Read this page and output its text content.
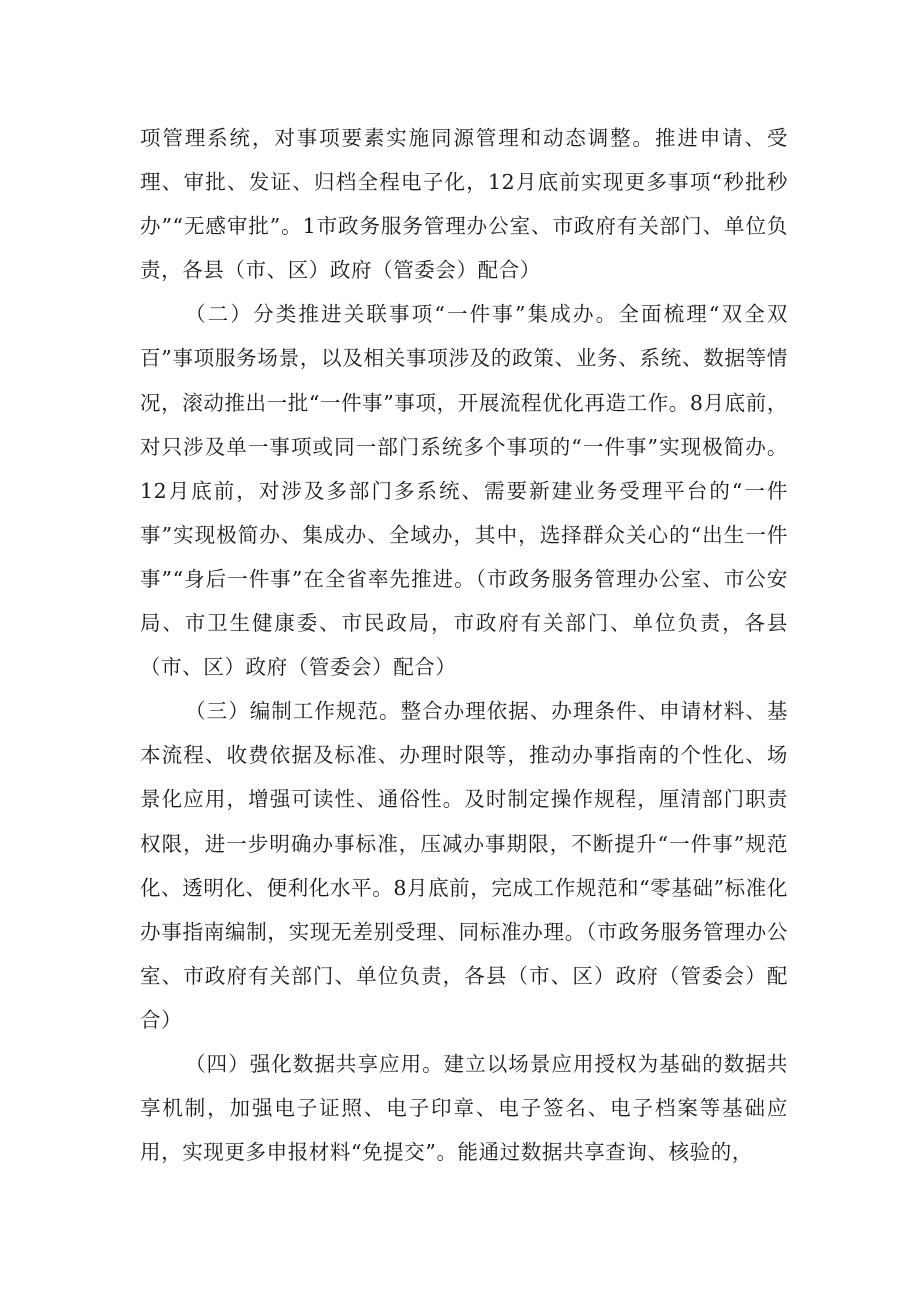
项管理系统，对事项要素实施同源管理和动态调整。推进申请、受理、审批、发证、归档全程电子化，12月底前实现更多事项“秒批秒办”“无感审批”。1市政务服务管理办公室、市政府有关部门、单位负责，各县（市、区）政府（管委会）配合）

（二）分类推进关联事项“一件事”集成办。全面梳理“双全双百”事项服务场景，以及相关事项涉及的政策、业务、系统、数据等情况，滚动推出一批“一件事”事项，开展流程优化再造工作。8月底前，对只涉及单一事项或同一部门系统多个事项的“一件事”实现极简办。12月底前，对涉及多部门多系统、需要新建业务受理平台的“一件事”实现极简办、集成办、全域办，其中，选择群众关心的“出生一件事”“身后一件事”在全省率先推进。（市政务服务管理办公室、市公安局、市卫生健康委、市民政局，市政府有关部门、单位负责，各县（市、区）政府（管委会）配合）

（三）编制工作规范。整合办理依据、办理条件、申请材料、基本流程、收费依据及标准、办理时限等，推动办事指南的个性化、场景化应用，增强可读性、通俗性。及时制定操作规程，厘清部门职责权限，进一步明确办事标准，压减办事期限，不断提升“一件事”规范化、透明化、便利化水平。8月底前，完成工作规范和“零基础”标准化办事指南编制，实现无差别受理、同标准办理。（市政务服务管理办公室、市政府有关部门、单位负责，各县（市、区）政府（管委会）配合）

（四）强化数据共享应用。建立以场景应用授权为基础的数据共享机制，加强电子证照、电子印章、电子签名、电子档案等基础应用，实现更多申报材料“免提交”。能通过数据共享查询、核验的，
